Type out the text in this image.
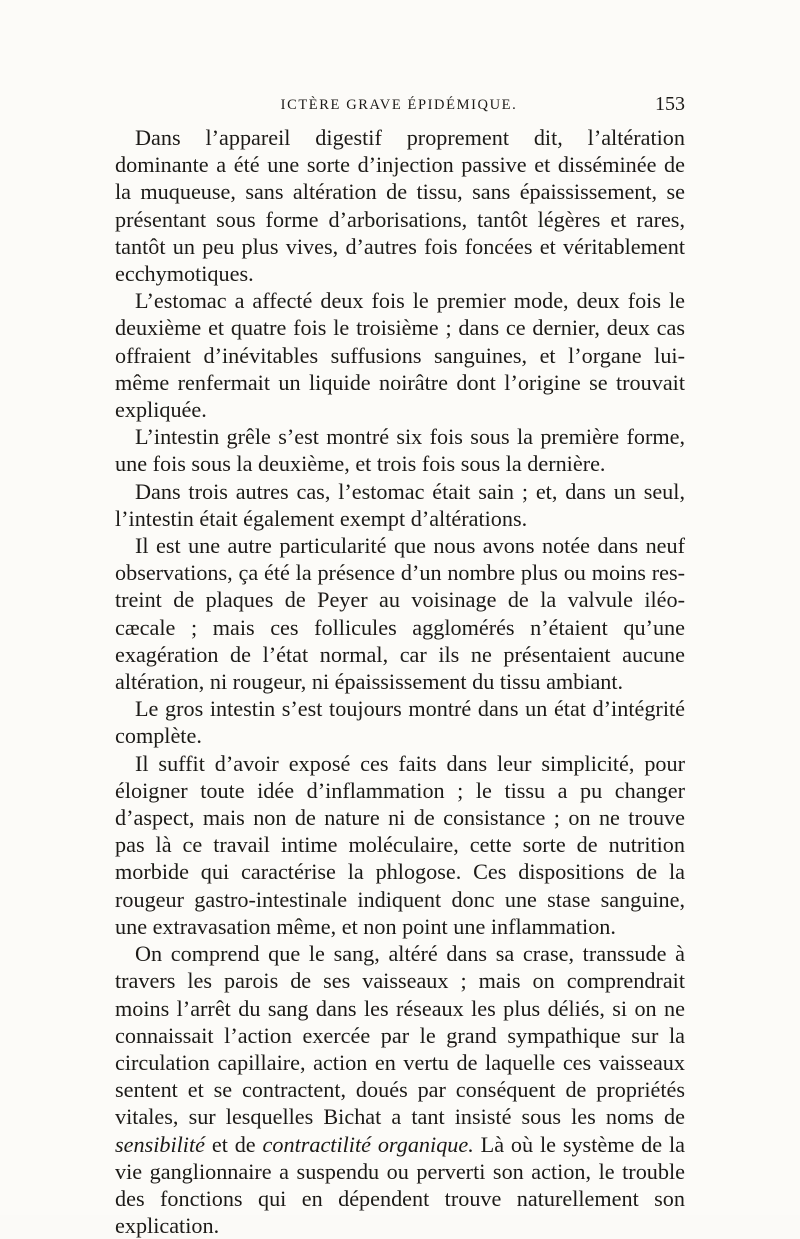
ICTÈRE GRAVE ÉPIDÉMIQUE.	153

Dans l’appareil digestif proprement dit, l’altération dominante a été une sorte d’injection passive et disséminée de la muqueuse, sans altération de tissu, sans épaississement, se présentant sous forme d’arborisations, tantôt légères et rares, tantôt un peu plus vives, d’autres fois foncées et véritablement ecchymotiques.

L’estomac a affecté deux fois le premier mode, deux fois le deuxième et quatre fois le troisième ; dans ce dernier, deux cas offraient d’inévitables suffusions sanguines, et l’organe lui-même renfermait un liquide noirâtre dont l’origine se trouvait expliquée.

L’intestin grêle s’est montré six fois sous la première forme, une fois sous la deuxième, et trois fois sous la dernière.

Dans trois autres cas, l’estomac était sain ; et, dans un seul, l’intestin était également exempt d’altérations.

Il est une autre particularité que nous avons notée dans neuf observations, ça été la présence d’un nombre plus ou moins restreint de plaques de Peyer au voisinage de la valvule iléo-cæcale ; mais ces follicules agglomérés n’étaient qu’une exagération de l’état normal, car ils ne présentaient aucune altération, ni rougeur, ni épaississement du tissu ambiant.

Le gros intestin s’est toujours montré dans un état d’intégrité complète.

Il suffit d’avoir exposé ces faits dans leur simplicité, pour éloigner toute idée d’inflammation ; le tissu a pu changer d’aspect, mais non de nature ni de consistance ; on ne trouve pas là ce travail intime moléculaire, cette sorte de nutrition morbide qui caractérise la phlogose. Ces dispositions de la rougeur gastro-intestinale indiquent donc une stase sanguine, une extravasation même, et non point une inflammation.

On comprend que le sang, altéré dans sa crase, transsude à travers les parois de ses vaisseaux ; mais on comprendrait moins l’arrêt du sang dans les réseaux les plus déliés, si on ne connaissait l’action exercée par le grand sympathique sur la circulation capillaire, action en vertu de laquelle ces vaisseaux sentent et se contractent, doués par conséquent de propriétés vitales, sur lesquelles Bichat a tant insisté sous les noms de sensibilité et de contractilité organique. Là où le système de la vie ganglionnaire a suspendu ou perverti son action, le trouble des fonctions qui en dépendent trouve naturellement son explication.
